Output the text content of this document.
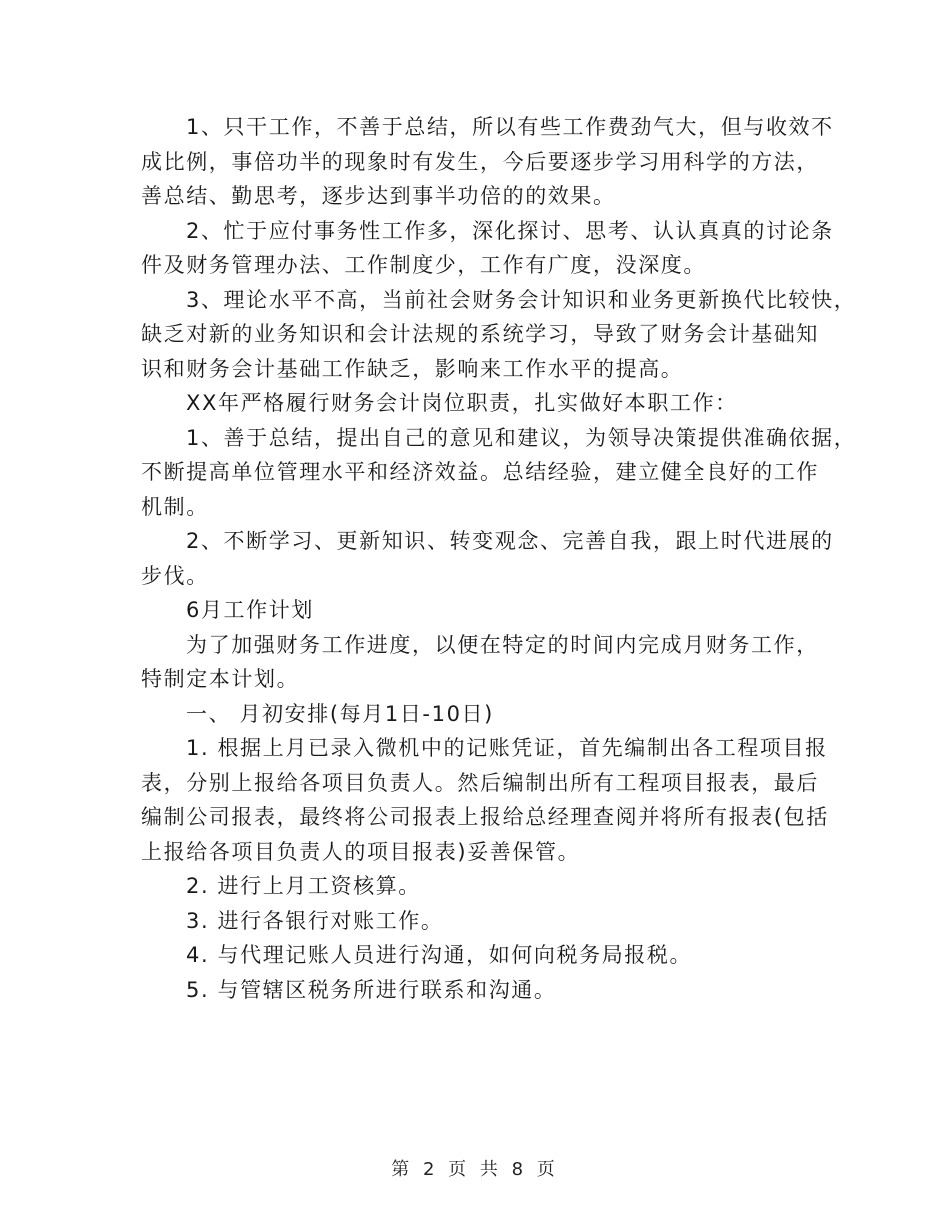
1、只干工作，不善于总结，所以有些工作费劲气大，但与收效不

成比例，事倍功半的现象时有发生，今后要逐步学习用科学的方法，

善总结、勤思考，逐步达到事半功倍的的效果。

2、忙于应付事务性工作多，深化探讨、思考、认认真真的讨论条

件及财务管理办法、工作制度少，工作有广度，没深度。

3、理论水平不高，当前社会财务会计知识和业务更新换代比较快，

缺乏对新的业务知识和会计法规的系统学习，导致了财务会计基础知

识和财务会计基础工作缺乏，影响来工作水平的提高。

XX年严格履行财务会计岗位职责，扎实做好本职工作：

1、善于总结，提出自己的意见和建议，为领导决策提供准确依据，

不断提高单位管理水平和经济效益。总结经验，建立健全良好的工作

机制。

2、不断学习、更新知识、转变观念、完善自我，跟上时代进展的

步伐。

6月工作计划

为了加强财务工作进度，以便在特定的时间内完成月财务工作，

特制定本计划。

一、 月初安排(每月1日-10日)

1. 根据上月已录入微机中的记账凭证，首先编制出各工程项目报

表，分别上报给各项目负责人。然后编制出所有工程项目报表，最后

编制公司报表，最终将公司报表上报给总经理查阅并将所有报表(包括

上报给各项目负责人的项目报表)妥善保管。

2. 进行上月工资核算。

3. 进行各银行对账工作。

4. 与代理记账人员进行沟通，如何向税务局报税。

5. 与管辖区税务所进行联系和沟通。

第 2 页 共 8 页
